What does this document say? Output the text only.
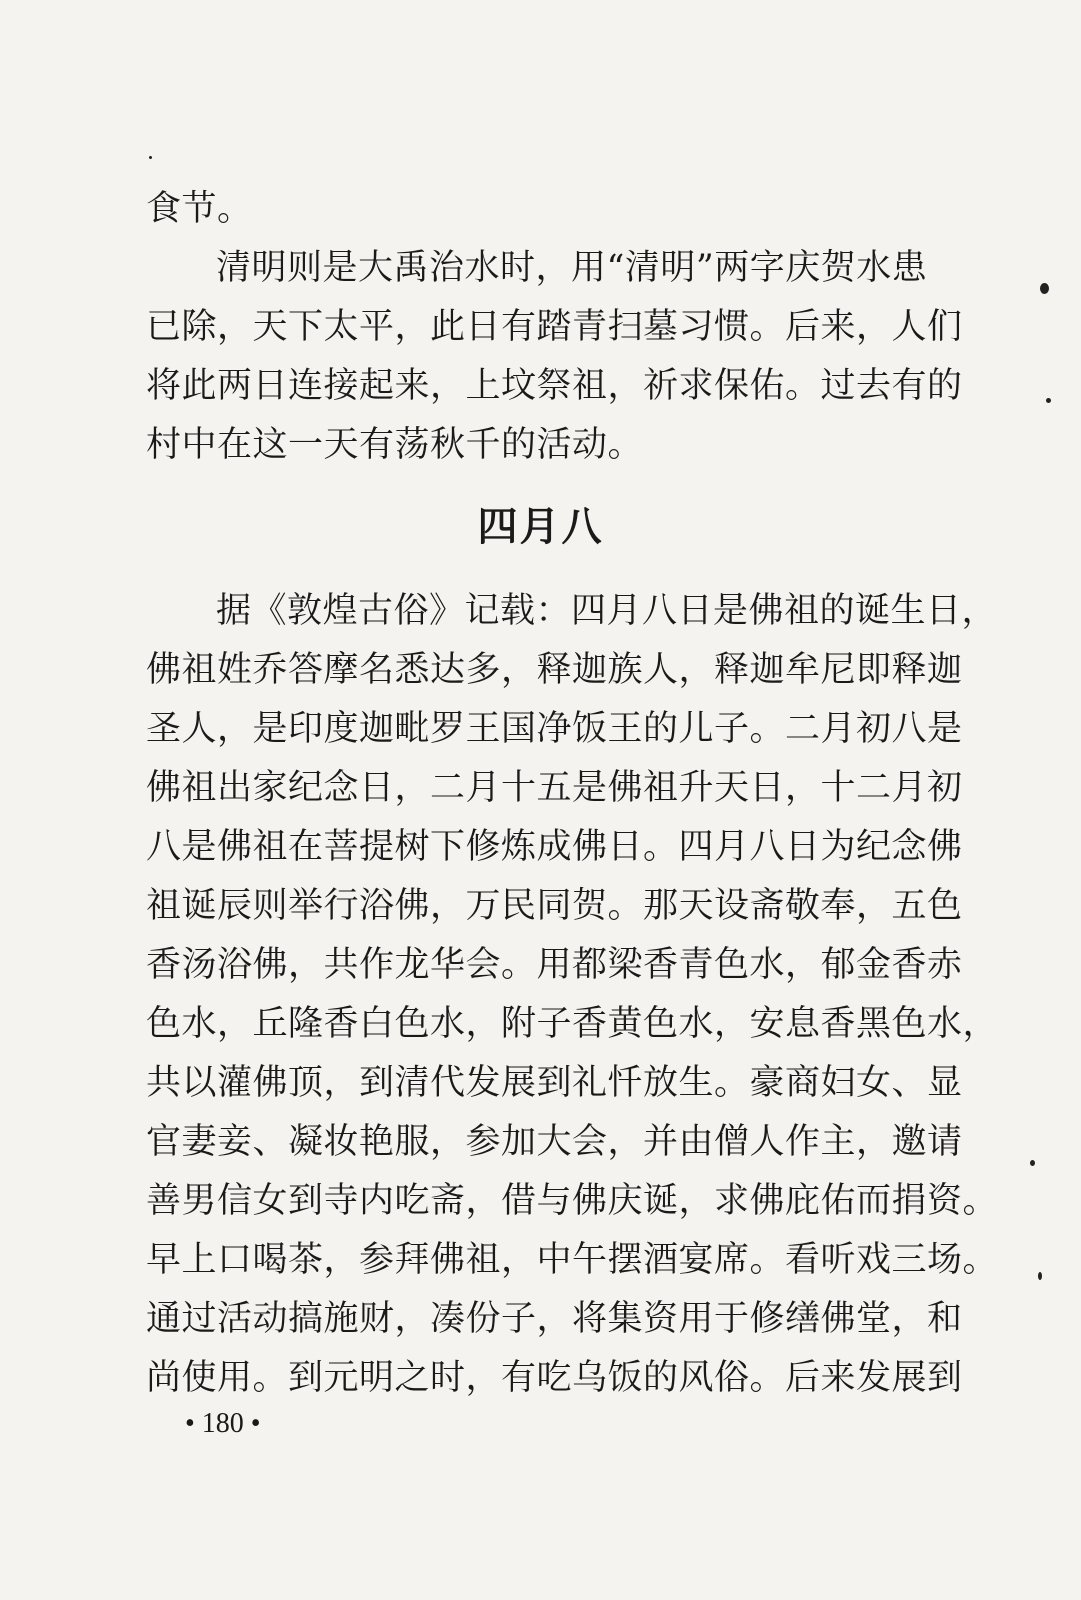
食节。
清明则是大禹治水时，用“清明”两字庆贺水患
已除，天下太平，此日有踏青扫墓习惯。后来，人们
将此两日连接起来，上坟祭祖，祈求保佑。过去有的
村中在这一天有荡秋千的活动。
四月八
据《敦煌古俗》记载：四月八日是佛祖的诞生日，
佛祖姓乔答摩名悉达多，释迦族人，释迦牟尼即释迦
圣人，是印度迦毗罗王国净饭王的儿子。二月初八是
佛祖出家纪念日，二月十五是佛祖升天日，十二月初
八是佛祖在菩提树下修炼成佛日。四月八日为纪念佛
祖诞辰则举行浴佛，万民同贺。那天设斋敬奉，五色
香汤浴佛，共作龙华会。用都梁香青色水，郁金香赤
色水，丘隆香白色水，附子香黄色水，安息香黑色水，
共以灌佛顶，到清代发展到礼忏放生。豪商妇女、显
官妻妾、凝妆艳服，参加大会，并由僧人作主，邀请
善男信女到寺内吃斋，借与佛庆诞，求佛庇佑而捐资。
早上口喝茶，参拜佛祖，中午摆酒宴席。看听戏三场。
通过活动搞施财，凑份子，将集资用于修缮佛堂，和
尚使用。到元明之时，有吃乌饭的风俗。后来发展到
• 180 •
